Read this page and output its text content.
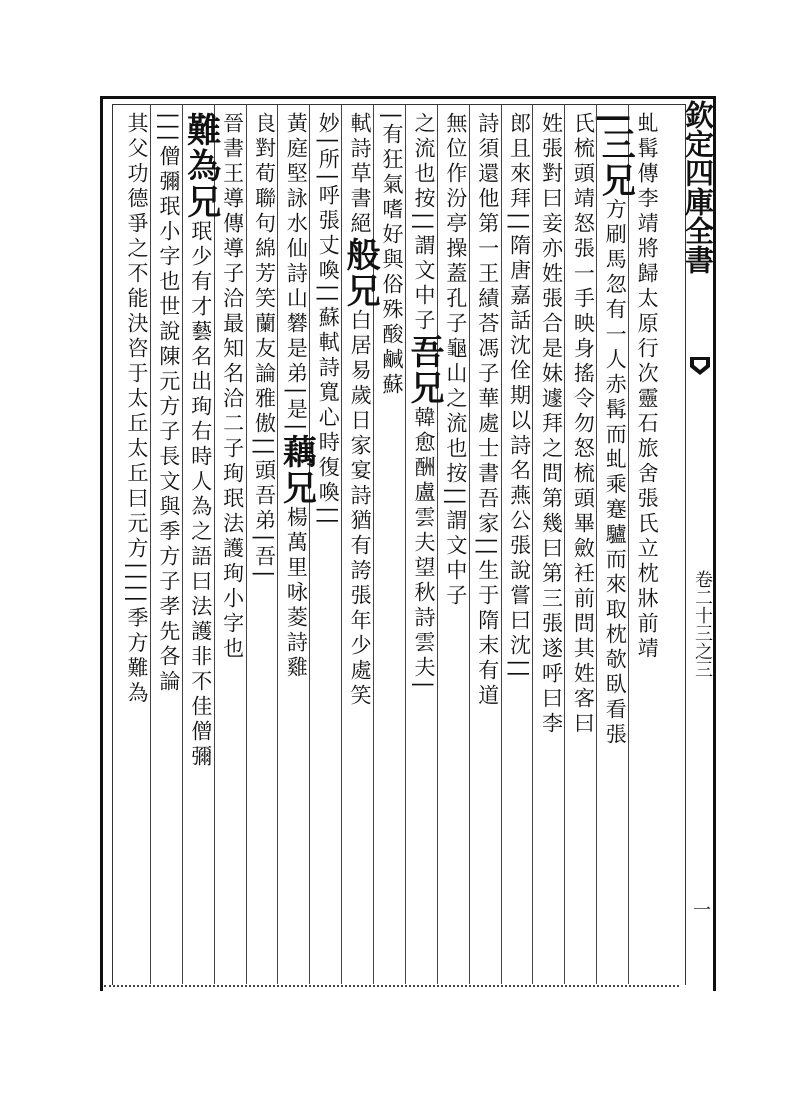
欽定四庫全書
卷二十三之三
一
虬髯傳李靖將歸太原行次靈石旅舍張氏立枕牀前靖
|三兄
方刷馬忽有一人赤髯而虬乘蹇驢而來取枕欹臥看張
氏梳頭靖怒張一手映身搖令勿怒梳頭畢斂衽前問其姓客曰
姓張對曰妾亦姓張合是妹遽拜之問第幾曰第三張遂呼曰李
郎且來拜||隋唐嘉話沈佺期以詩名燕公張說嘗曰沈||
詩須還他第一王績荅馮子華處士書吾家||生于隋末有道
無位作汾亭操蓋孔子龜山之流也按||謂文中子
之流也按||謂文中子
吾兄
韓愈酬盧雲夫望秋詩雲夫|
|有狂氣嗜好與俗殊酸鹹蘇
軾詩草書
絕
般兄
白居易歲日家宴詩猶有誇張年少處笑
妙|所|
呼張丈喚||蘇軾詩寬心時復喚||
黃庭堅詠水仙詩山礬是弟|是|
藕兄
楊萬里咏菱詩雞
良對荀聯句綿芳笑蘭友論雅傲||
頭吾弟|吾|
晉書王導傳導子洽最知名洽二子珣珉法護珣小字也
難為兄
珉少有才藝名出珣右時人為之語曰法護非不佳僧彌
|||僧彌珉小字也世說陳元方子長文與季方子孝先各論
其父功德爭之不能決咨于太丘太丘曰元方||||季方難為
